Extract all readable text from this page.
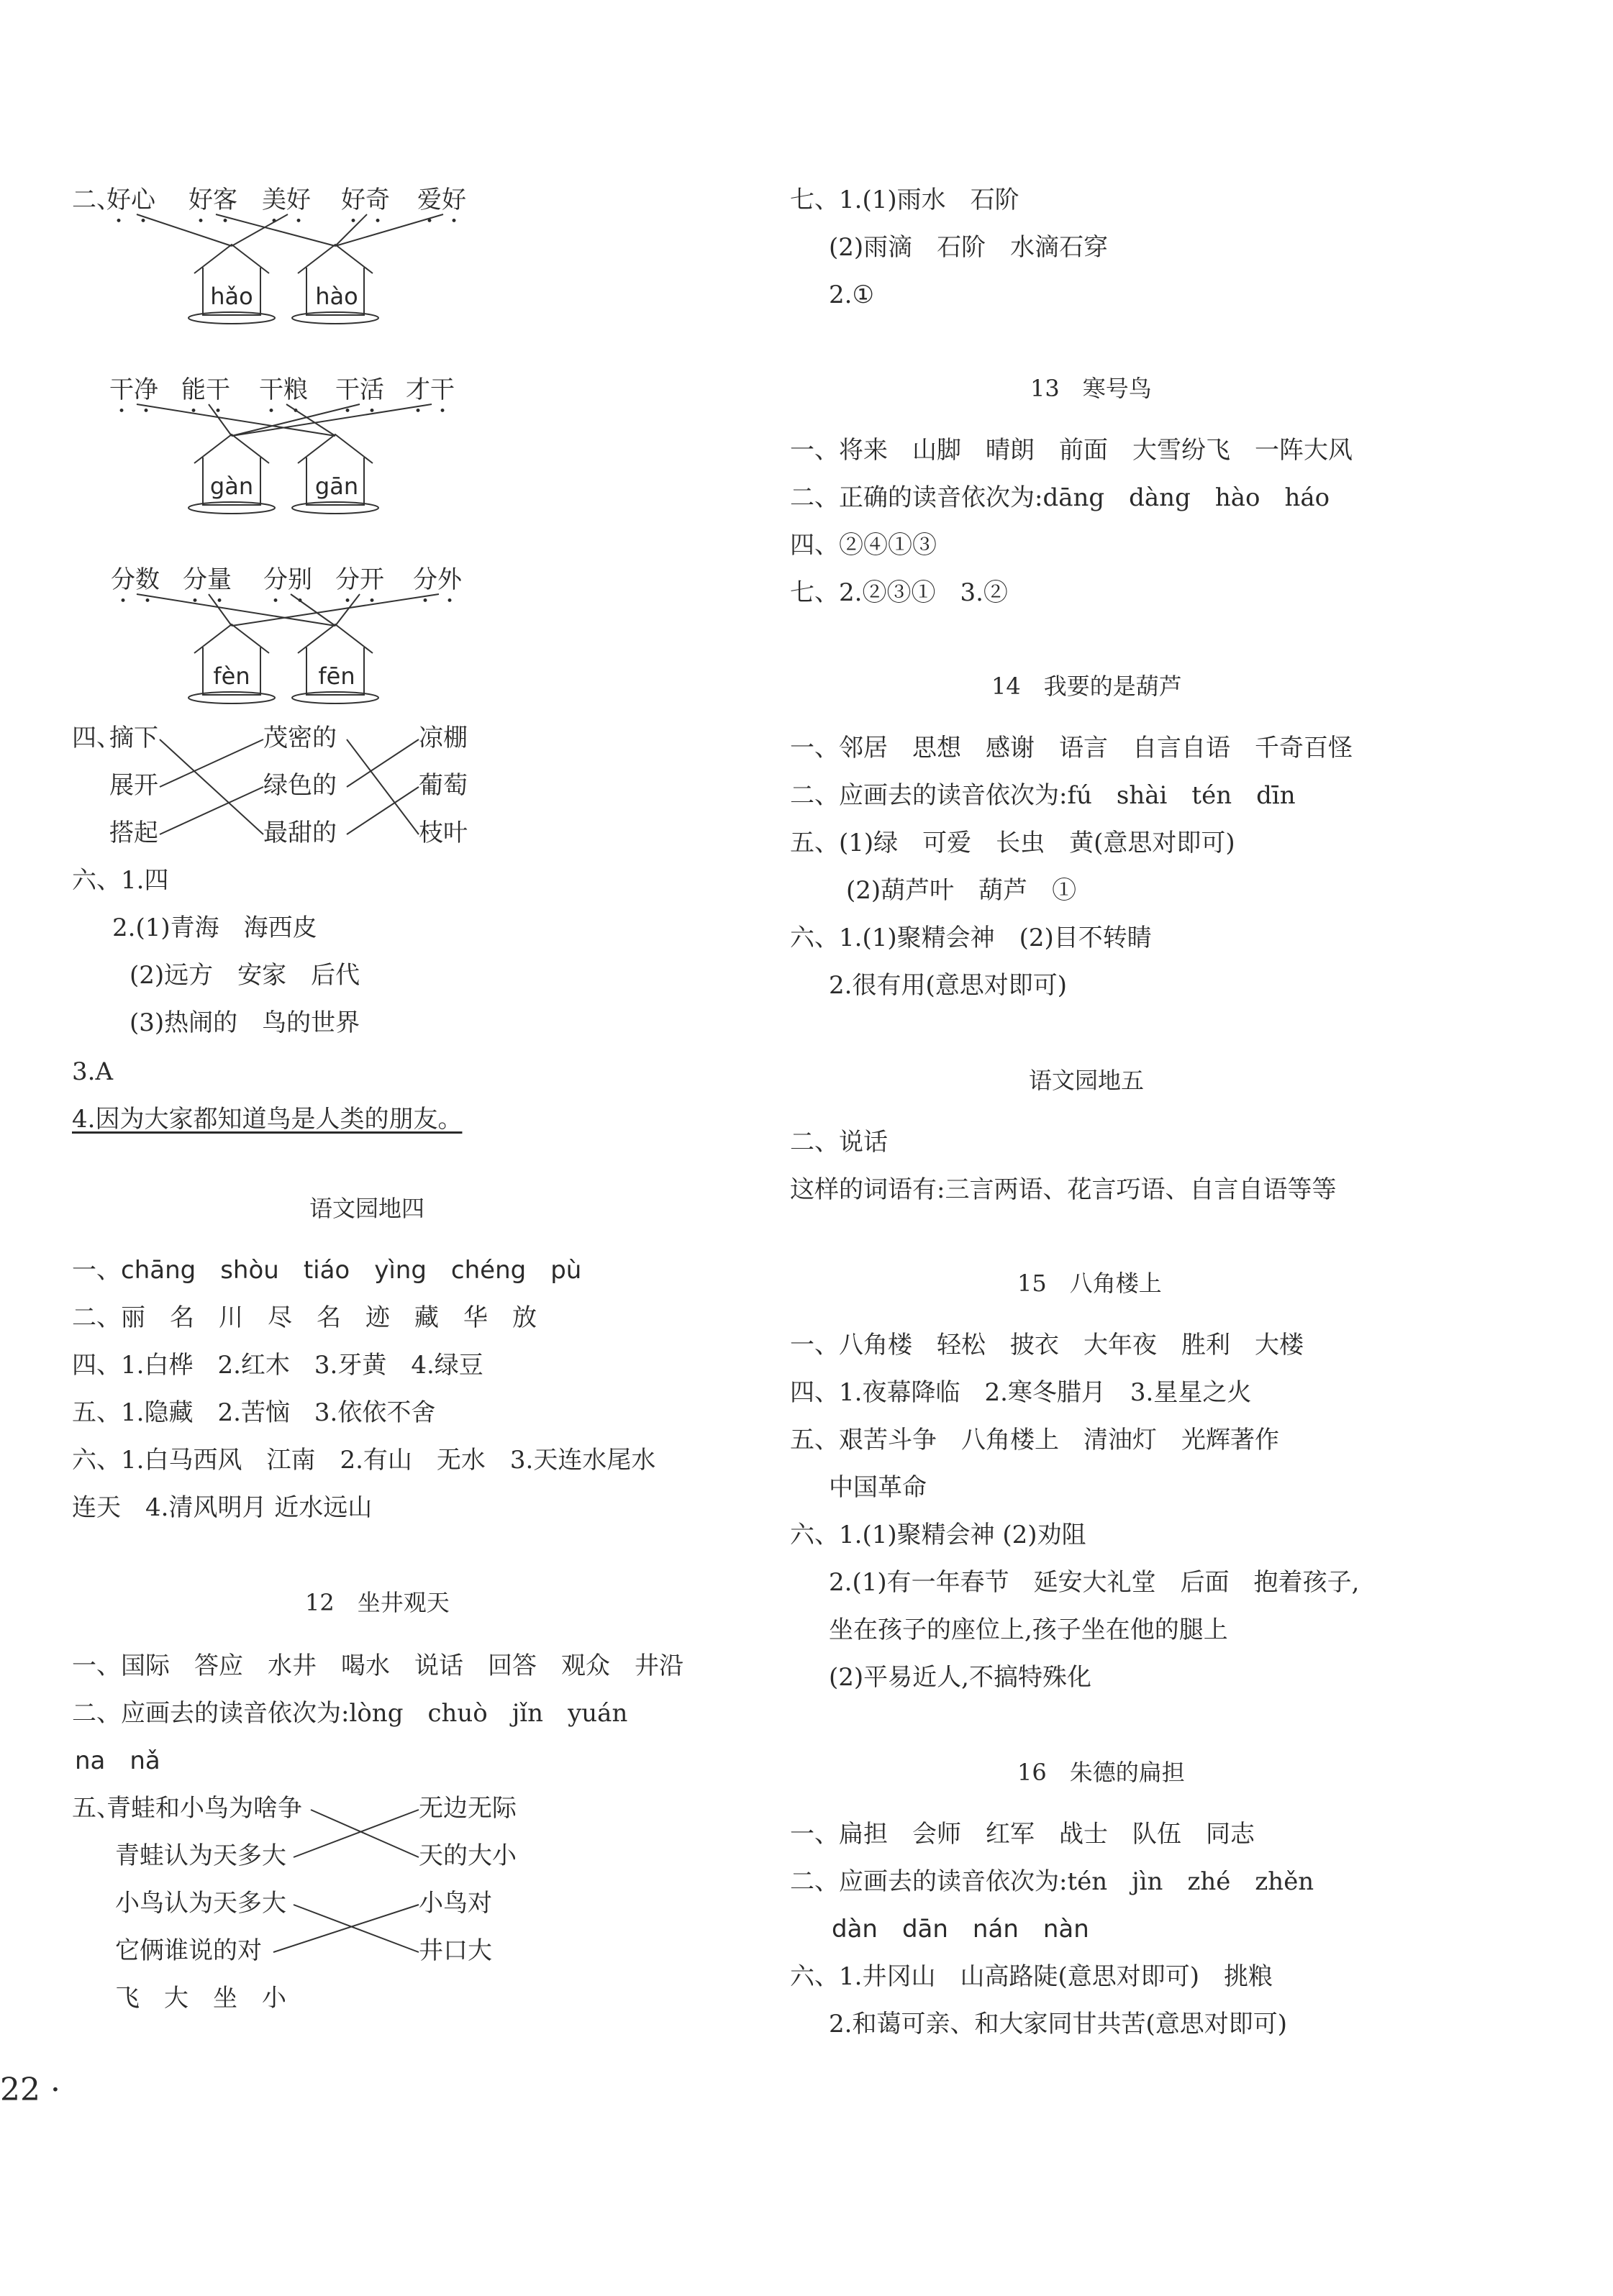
二、
好心 好客 美好 好奇 爱好
干净 能干 干粮 干活 才干
分数 分量 分别 分开 分外
hǎo	hào
gàn	gān
fèn	fēn
四、
摘下
展开
搭起
茂密的
绿色的
最甜的
凉棚
葡萄
枝叶
六、1.四
2.(1)青海　海西皮
(2)远方　安家　后代
(3)热闹的　鸟的世界
3.A
4.因为大家都知道鸟是人类的朋友。
语文园地四
一、chāng　shòu　tiáo　yìng　chéng　pù
二、丽　名　川　尽　名　迹　藏　华　放
四、1.白桦　2.红木　3.牙黄　4.绿豆
五、1.隐藏　2.苦恼　3.依依不舍
六、1.白马西风　江南　2.有山　无水　3.天连水尾水
连天　4.清风明月 近水远山
12　坐井观天
一、国际　答应　水井　喝水　说话　回答　观众　井沿
二、应画去的读音依次为:lòng　chuò　jǐn　yuán
na　nǎ
五、
青蛙和小鸟为啥争
青蛙认为天多大
小鸟认为天多大
它俩谁说的对
无边无际
天的大小
小鸟对
井口大
飞　大　坐　小
22 ·
七、1.(1)雨水　石阶
(2)雨滴　石阶　水滴石穿
2.①
13　寒号鸟
一、将来　山脚　晴朗　前面　大雪纷飞　一阵大风
二、正确的读音依次为:dāng　dàng　hào　háo
四、②④①③
七、2.②③①　3.②
14　我要的是葫芦
一、邻居　思想　感谢　语言　自言自语　千奇百怪
二、应画去的读音依次为:fú　shài　tén　dīn
五、(1)绿　可爱　长虫　黄(意思对即可)
(2)葫芦叶　葫芦　①
六、1.(1)聚精会神　(2)目不转睛
2.很有用(意思对即可)
语文园地五
二、说话
这样的词语有:三言两语、花言巧语、自言自语等等
15　八角楼上
一、八角楼　轻松　披衣　大年夜　胜利　大楼
四、1.夜幕降临　2.寒冬腊月　3.星星之火
五、艰苦斗争　八角楼上　清油灯　光辉著作
中国革命
六、1.(1)聚精会神 (2)劝阻
2.(1)有一年春节　延安大礼堂　后面　抱着孩子,
坐在孩子的座位上,孩子坐在他的腿上
(2)平易近人,不搞特殊化
16　朱德的扁担
一、扁担　会师　红军　战士　队伍　同志
二、应画去的读音依次为:tén　jìn　zhé　zhěn
dàn　dān　nán　nàn
六、1.井冈山　山高路陡(意思对即可)　挑粮
2.和蔼可亲、和大家同甘共苦(意思对即可)
